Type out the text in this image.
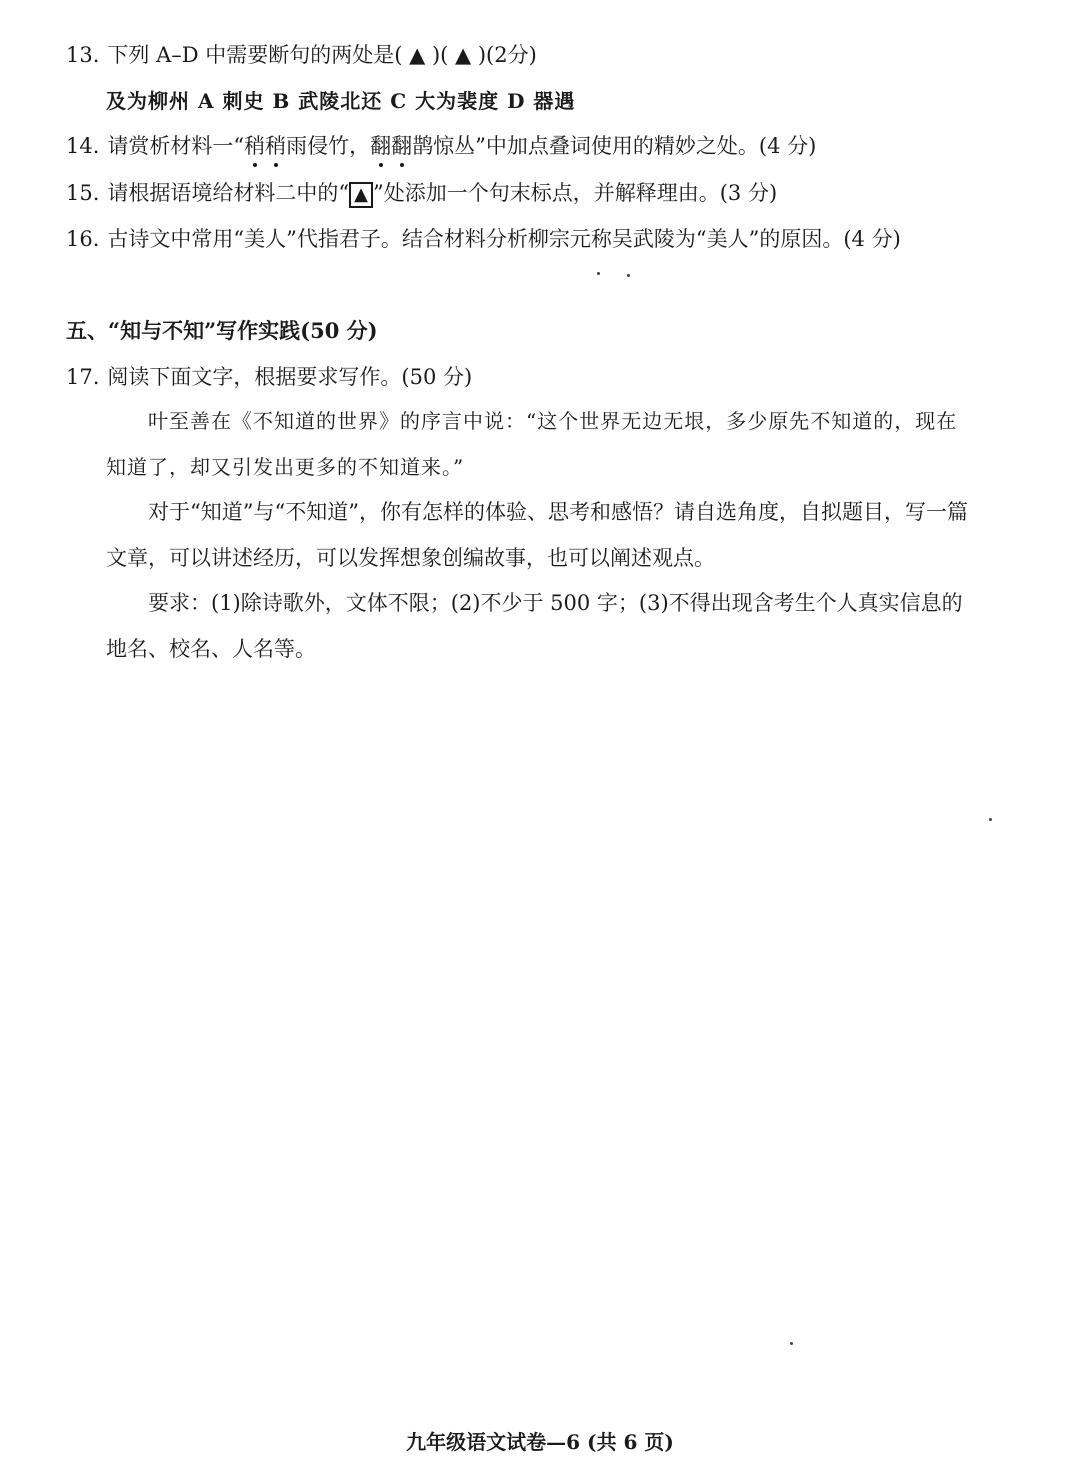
13. 下列 A–D 中需要断句的两处是( ▲ )( ▲ )(2分)
及为柳州 A 刺史 B 武陵北还 C 大为裴度 D 器遇
14. 请赏析材料一“稍稍雨侵竹，翻翻鹊惊丛”中加点叠词使用的精妙之处。(4 分)
15. 请根据语境给材料二中的“ ▲ ”处添加一个句末标点，并解释理由。(3 分)
16. 古诗文中常用“美人”代指君子。结合材料分析柳宗元称吴武陵为“美人”的原因。(4 分)
五、“知与不知”写作实践(50 分)
17. 阅读下面文字，根据要求写作。(50 分)
叶至善在《不知道的世界》的序言中说：“这个世界无边无垠，多少原先不知道的，现在
知道了，却又引发出更多的不知道来。”
对于“知道”与“不知道”，你有怎样的体验、思考和感悟？请自选角度，自拟题目，写一篇
文章，可以讲述经历，可以发挥想象创编故事，也可以阐述观点。
要求：(1)除诗歌外，文体不限；(2)不少于 500 字；(3)不得出现含考生个人真实信息的
地名、校名、人名等。
九年级语文试卷—6 (共 6 页)
